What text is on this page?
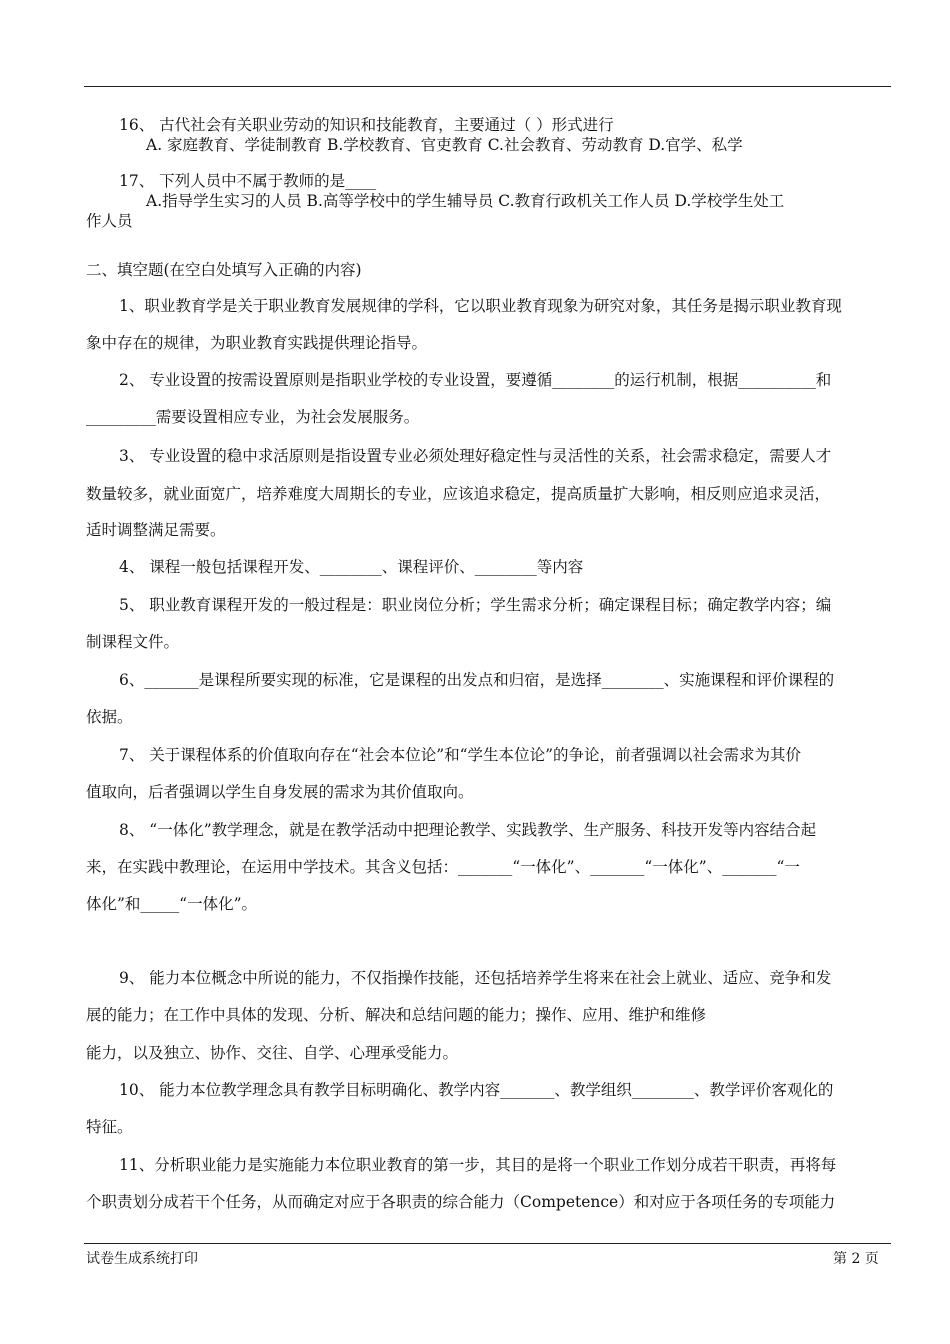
16、 古代社会有关职业劳动的知识和技能教育，主要通过（ ）形式进行
A. 家庭教育、学徒制教育 B.学校教育、官吏教育 C.社会教育、劳动教育 D.官学、私学
17、 下列人员中不属于教师的是____
A.指导学生实习的人员 B.高等学校中的学生辅导员 C.教育行政机关工作人员 D.学校学生处工
作人员
二、填空题(在空白处填写入正确的内容)
1、职业教育学是关于职业教育发展规律的学科，它以职业教育现象为研究对象，其任务是揭示职业教育现
象中存在的规律，为职业教育实践提供理论指导。
2、 专业设置的按需设置原则是指职业学校的专业设置，要遵循________的运行机制，根据__________和
_________需要设置相应专业，为社会发展服务。
3、 专业设置的稳中求活原则是指设置专业必须处理好稳定性与灵活性的关系，社会需求稳定，需要人才
数量较多，就业面宽广，培养难度大周期长的专业，应该追求稳定，提高质量扩大影响，相反则应追求灵活，
适时调整满足需要。
4、 课程一般包括课程开发、________、课程评价、________等内容
5、 职业教育课程开发的一般过程是：职业岗位分析；学生需求分析；确定课程目标；确定教学内容；编
制课程文件。
6、_______是课程所要实现的标准，它是课程的出发点和归宿，是选择________、实施课程和评价课程的
依据。
7、 关于课程体系的价值取向存在“社会本位论”和“学生本位论”的争论，前者强调以社会需求为其价
值取向，后者强调以学生自身发展的需求为其价值取向。
8、 “一体化”教学理念，就是在教学活动中把理论教学、实践教学、生产服务、科技开发等内容结合起
来，在实践中教理论，在运用中学技术。其含义包括：_______“一体化”、_______“一体化”、_______“一
体化”和_____“一体化”。
9、 能力本位概念中所说的能力，不仅指操作技能，还包括培养学生将来在社会上就业、适应、竞争和发
展的能力；在工作中具体的发现、分析、解决和总结问题的能力；操作、应用、维护和维修
能力，以及独立、协作、交往、自学、心理承受能力。
10、 能力本位教学理念具有教学目标明确化、教学内容_______、教学组织________、教学评价客观化的
特征。
11、分析职业能力是实施能力本位职业教育的第一步，其目的是将一个职业工作划分成若干职责，再将每
个职责划分成若干个任务，从而确定对应于各职责的综合能力（Competence）和对应于各项任务的专项能力
试卷生成系统打印	第 2 页
